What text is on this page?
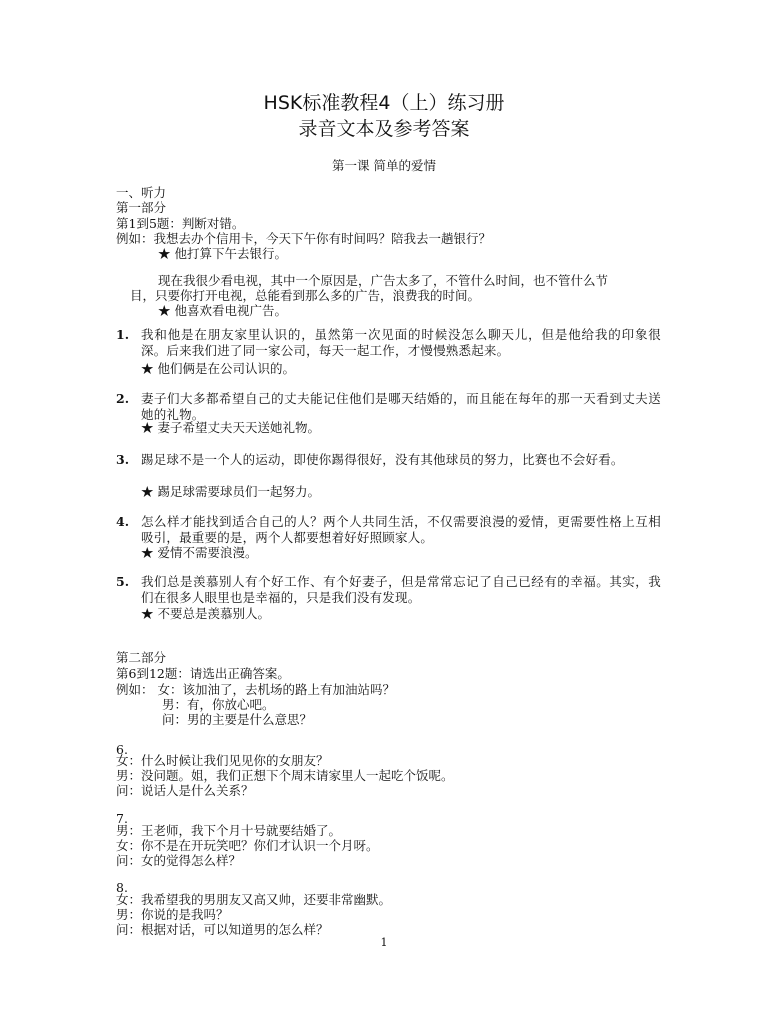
HSK标准教程4（上）练习册
录音文本及参考答案
第一课 简单的爱情
一、听力
第一部分
第1到5题：判断对错。
例如：我想去办个信用卡，今天下午你有时间吗？陪我去一趟银行？
★ 他打算下午去银行。
现在我很少看电视，其中一个原因是，广告太多了，不管什么时间，也不管什么节
目，只要你打开电视，总能看到那么多的广告，浪费我的时间。
★ 他喜欢看电视广告。
1. 我和他是在朋友家里认识的，虽然第一次见面的时候没怎么聊天儿，但是他给我的印象很深。后来我们进了同一家公司，每天一起工作，才慢慢熟悉起来。
★ 他们俩是在公司认识的。
2. 妻子们大多都希望自己的丈夫能记住他们是哪天结婚的，而且能在每年的那一天看到丈夫送她的礼物。
★ 妻子希望丈夫天天送她礼物。
3. 踢足球不是一个人的运动，即使你踢得很好，没有其他球员的努力，比赛也不会好看。
★ 踢足球需要球员们一起努力。
4. 怎么样才能找到适合自己的人？两个人共同生活，不仅需要浪漫的爱情，更需要性格上互相吸引，最重要的是，两个人都要想着好好照顾家人。
★ 爱情不需要浪漫。
5. 我们总是羡慕别人有个好工作、有个好妻子，但是常常忘记了自己已经有的幸福。其实，我们在很多人眼里也是幸福的，只是我们没有发现。
★ 不要总是羡慕别人。
第二部分
第6到12题：请选出正确答案。
例如： 女：该加油了，去机场的路上有加油站吗？
男：有，你放心吧。
问：男的主要是什么意思？
6.
女：什么时候让我们见见你的女朋友？
男：没问题。姐，我们正想下个周末请家里人一起吃个饭呢。
问：说话人是什么关系？
7.
男：王老师，我下个月十号就要结婚了。
女：你不是在开玩笑吧？你们才认识一个月呀。
问：女的觉得怎么样？
8.
女：我希望我的男朋友又高又帅，还要非常幽默。
男：你说的是我吗？
问：根据对话，可以知道男的怎么样？
1
